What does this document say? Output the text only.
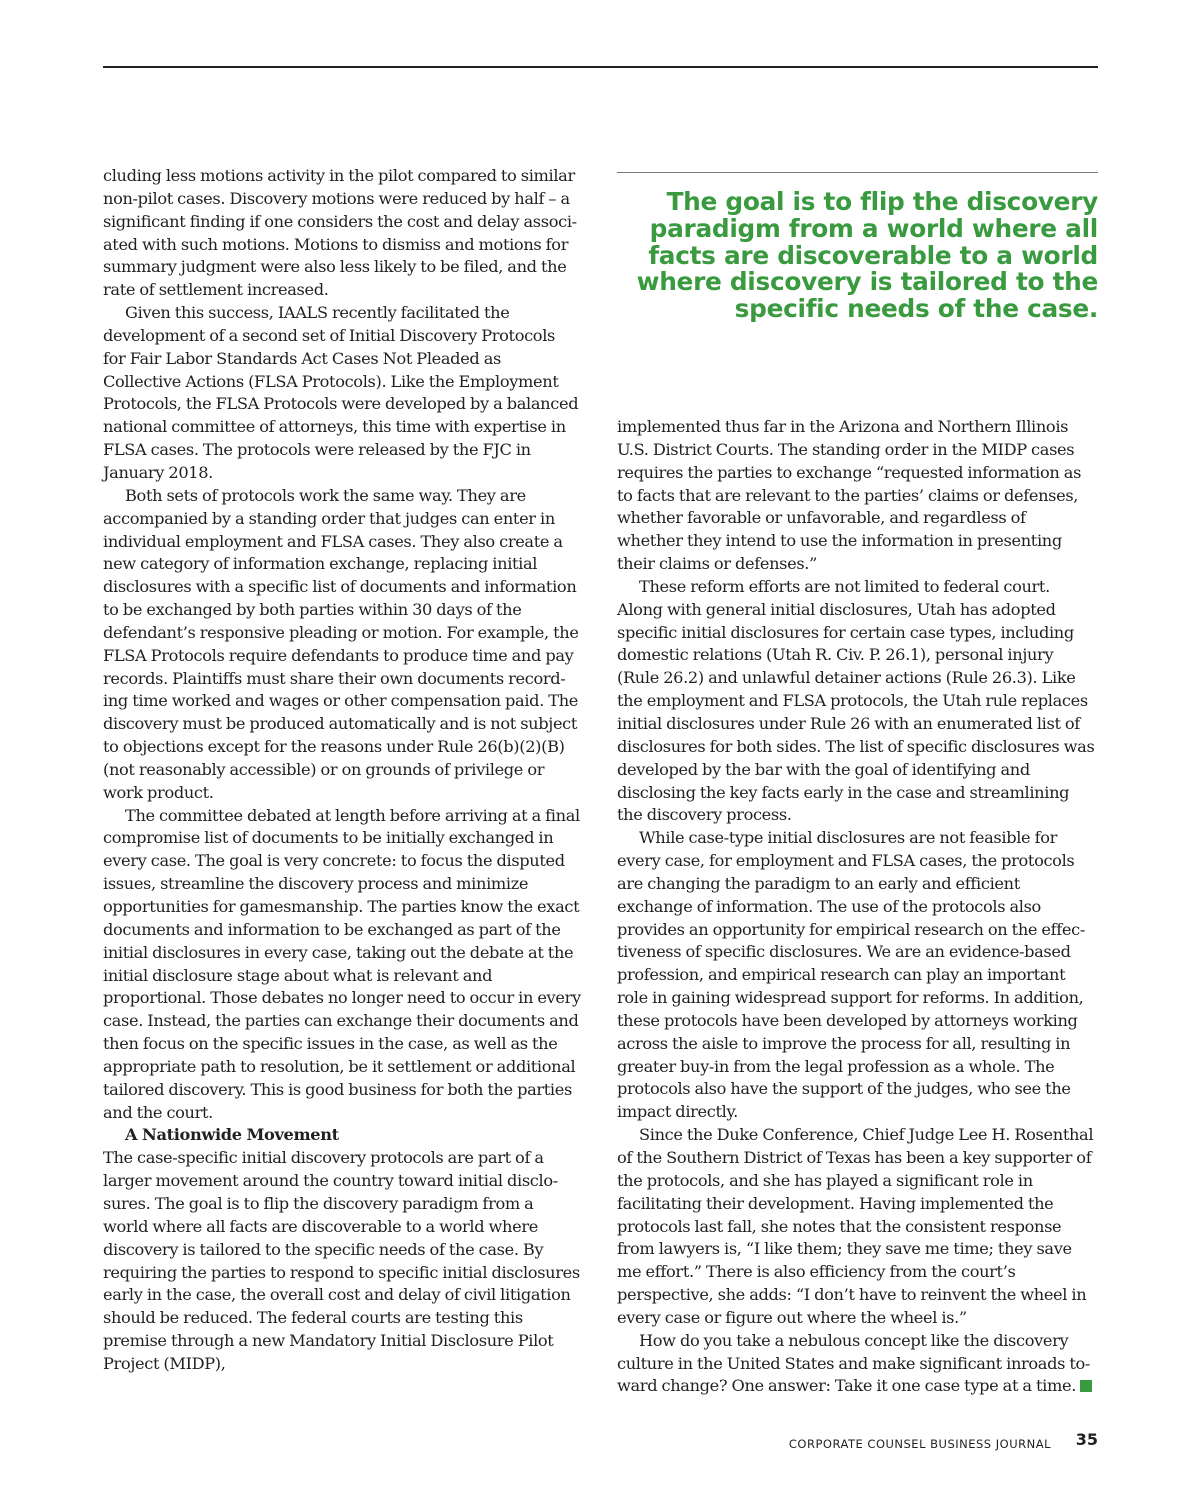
cluding less motions activity in the pilot compared to similar non-pilot cases. Discovery motions were reduced by half – a significant finding if one considers the cost and delay associated with such motions. Motions to dismiss and motions for summary judgment were also less likely to be filed, and the rate of settlement increased.

Given this success, IAALS recently facilitated the development of a second set of Initial Discovery Protocols for Fair Labor Standards Act Cases Not Pleaded as Collective Actions (FLSA Protocols). Like the Employment Protocols, the FLSA Protocols were developed by a balanced national committee of attorneys, this time with expertise in FLSA cases. The protocols were released by the FJC in January 2018.

Both sets of protocols work the same way. They are accompanied by a standing order that judges can enter in individual employment and FLSA cases. They also create a new category of information exchange, replacing initial disclosures with a specific list of documents and information to be exchanged by both parties within 30 days of the defendant’s responsive pleading or motion. For example, the FLSA Protocols require defendants to produce time and pay records. Plaintiffs must share their own documents recording time worked and wages or other compensation paid. The discovery must be produced automatically and is not subject to objections except for the reasons under Rule 26(b)(2)(B) (not reasonably accessible) or on grounds of privilege or work product.

The committee debated at length before arriving at a final compromise list of documents to be initially exchanged in every case. The goal is very concrete: to focus the disputed issues, streamline the discovery process and minimize opportunities for gamesmanship. The parties know the exact documents and information to be exchanged as part of the initial disclosures in every case, taking out the debate at the initial disclosure stage about what is relevant and proportional. Those debates no longer need to occur in every case. Instead, the parties can exchange their documents and then focus on the specific issues in the case, as well as the appropriate path to resolution, be it settlement or additional tailored discovery. This is good business for both the parties and the court.

A Nationwide Movement

The case-specific initial discovery protocols are part of a larger movement around the country toward initial disclosures. The goal is to flip the discovery paradigm from a world where all facts are discoverable to a world where discovery is tailored to the specific needs of the case. By requiring the parties to respond to specific initial disclosures early in the case, the overall cost and delay of civil litigation should be reduced. The federal courts are testing this premise through a new Mandatory Initial Disclosure Pilot Project (MIDP),

The goal is to flip the discovery paradigm from a world where all facts are discoverable to a world where discovery is tailored to the specific needs of the case.

implemented thus far in the Arizona and Northern Illinois U.S. District Courts. The standing order in the MIDP cases requires the parties to exchange “requested information as to facts that are relevant to the parties’ claims or defenses, whether favorable or unfavorable, and regardless of whether they intend to use the information in presenting their claims or defenses.”

These reform efforts are not limited to federal court. Along with general initial disclosures, Utah has adopted specific initial disclosures for certain case types, including domestic relations (Utah R. Civ. P. 26.1), personal injury (Rule 26.2) and unlawful detainer actions (Rule 26.3). Like the employment and FLSA protocols, the Utah rule replaces initial disclosures under Rule 26 with an enumerated list of disclosures for both sides. The list of specific disclosures was developed by the bar with the goal of identifying and disclosing the key facts early in the case and streamlining the discovery process.

While case-type initial disclosures are not feasible for every case, for employment and FLSA cases, the protocols are changing the paradigm to an early and efficient exchange of information. The use of the protocols also provides an opportunity for empirical research on the effectiveness of specific disclosures. We are an evidence-based profession, and empirical research can play an important role in gaining widespread support for reforms. In addition, these protocols have been developed by attorneys working across the aisle to improve the process for all, resulting in greater buy-in from the legal profession as a whole. The protocols also have the support of the judges, who see the impact directly.

Since the Duke Conference, Chief Judge Lee H. Rosenthal of the Southern District of Texas has been a key supporter of the protocols, and she has played a significant role in facilitating their development. Having implemented the protocols last fall, she notes that the consistent response from lawyers is, “I like them; they save me time; they save me effort.” There is also efficiency from the court’s perspective, she adds: “I don’t have to reinvent the wheel in every case or figure out where the wheel is.”

How do you take a nebulous concept like the discovery culture in the United States and make significant inroads toward change? One answer: Take it one case type at a time.

CORPORATE COUNSEL BUSINESS JOURNAL 35
